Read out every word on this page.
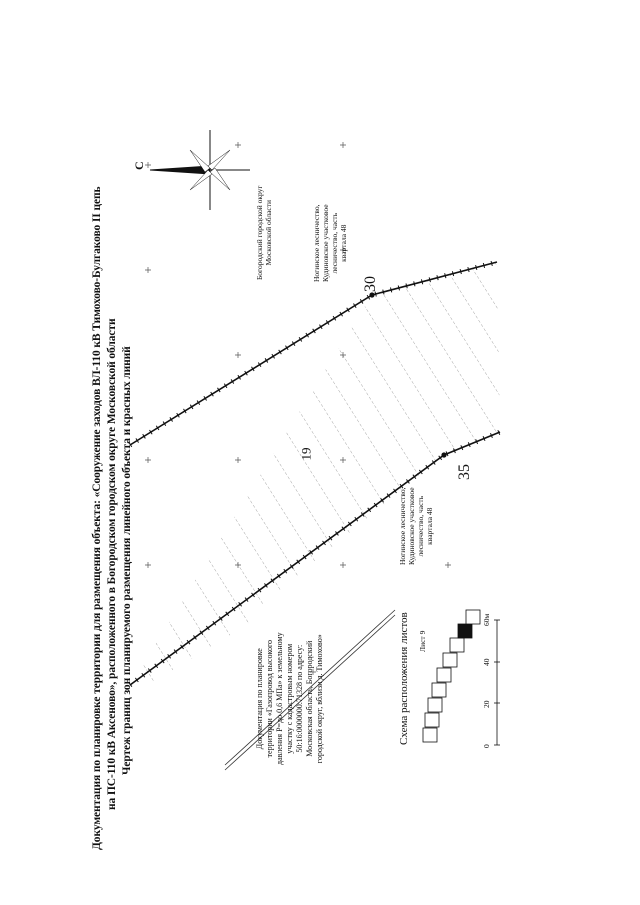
19
Документация по планировке территории для размещения объекта: «Сооружение заходов ВЛ-110 кВ Тимохово-Булгаково II цепь на ПС-110 кВ Аксеново», расположенного в Богородском городском округе Московской области Чертеж границ зон планируемого размещения линейного объекта и красных линий	35
30
С
Богородский городской округ Московской области	Ногинское лесничество, Кудиновское участковое лесничество, часть квартала 48
Ногинское лесничество, Кудиновское участковое лесничество, часть квартала 48
Документация по планировке территории «Газопровод высокого давления P=до 0,6 МПа» к земельному участку с кадастровым номером 50:16:0000000:71328 по адресу: Московская область, Богородский городской округ, вблизи д. Тимохово»	Схема расположения листов Лист 9
0
20
40
60м
